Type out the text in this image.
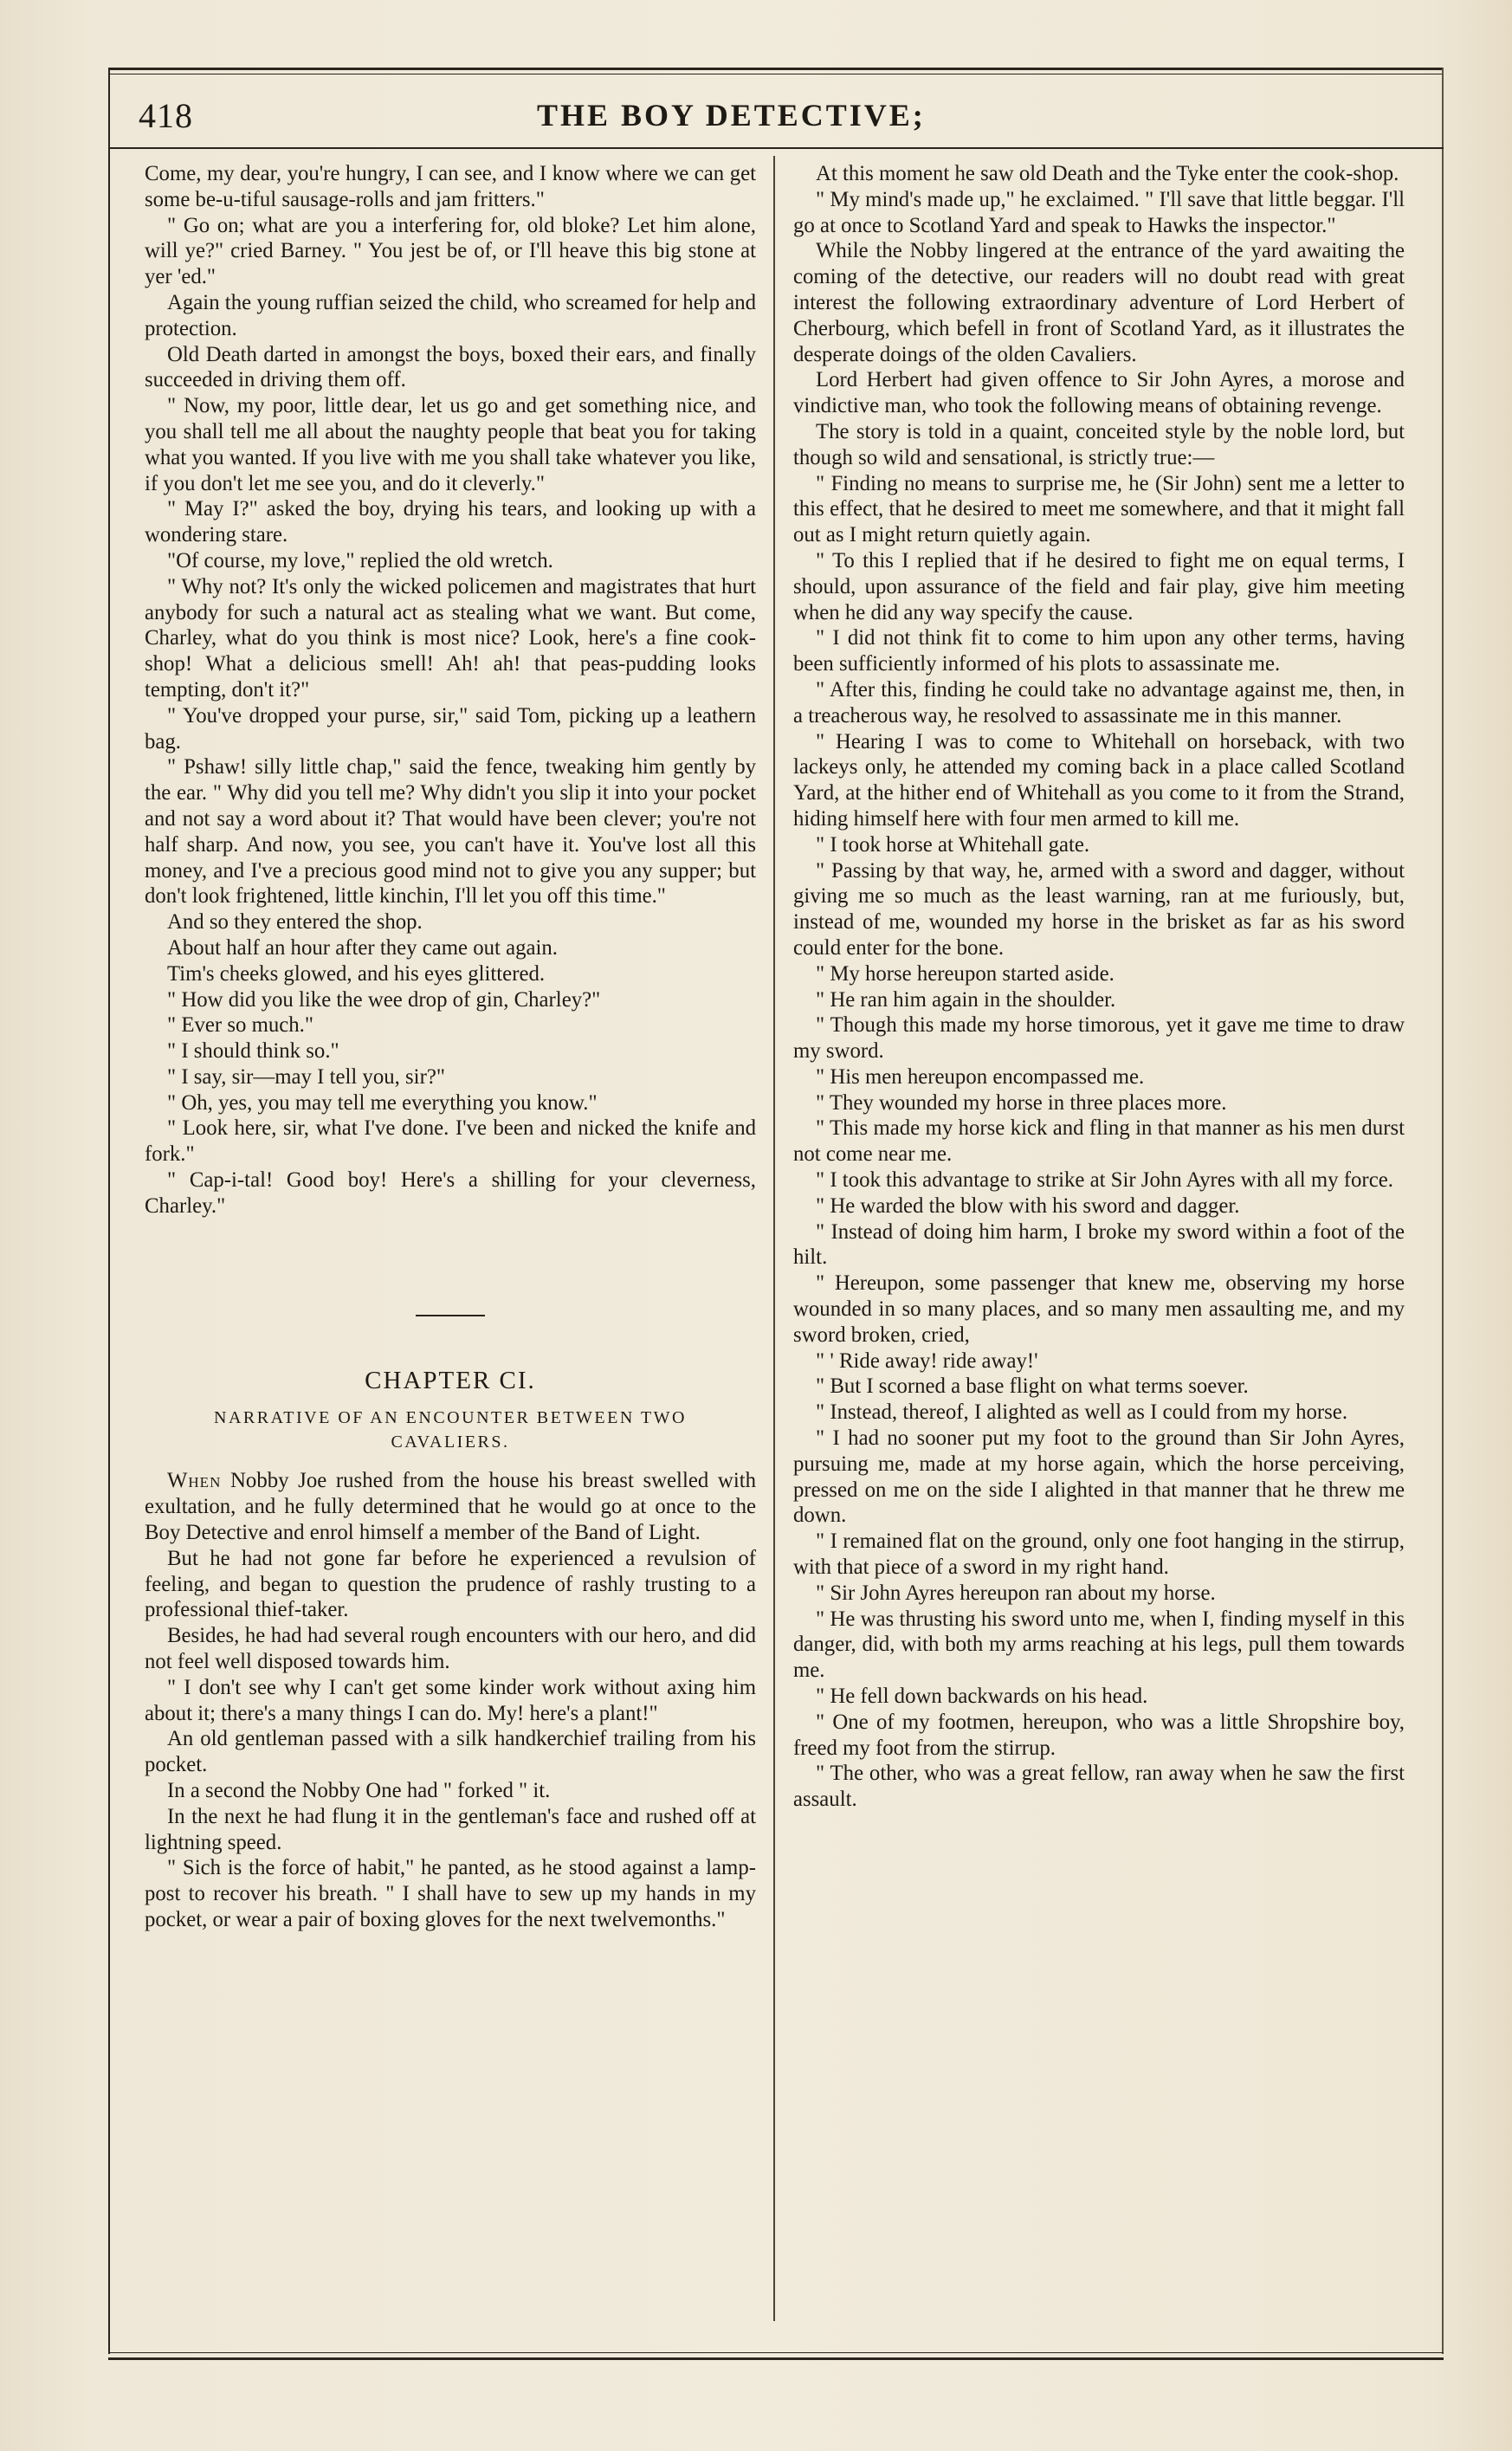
418	THE BOY DETECTIVE;

Come, my dear, you're hungry, I can see, and I know where we can get some be-u-tiful sausage-rolls and jam fritters."

" Go on; what are you a interfering for, old bloke? Let him alone, will ye?" cried Barney. " You jest be of, or I'll heave this big stone at yer 'ed."

Again the young ruffian seized the child, who screamed for help and protection.

Old Death darted in amongst the boys, boxed their ears, and finally succeeded in driving them off.

" Now, my poor, little dear, let us go and get something nice, and you shall tell me all about the naughty people that beat you for taking what you wanted. If you live with me you shall take whatever you like, if you don't let me see you, and do it cleverly."

" May I?" asked the boy, drying his tears, and looking up with a wondering stare.

"Of course, my love," replied the old wretch.

" Why not? It's only the wicked policemen and magistrates that hurt anybody for such a natural act as stealing what we want. But come, Charley, what do you think is most nice? Look, here's a fine cook-shop! What a delicious smell! Ah! ah! that peas-pudding looks tempting, don't it?"

" You've dropped your purse, sir," said Tom, picking up a leathern bag.

" Pshaw! silly little chap," said the fence, tweaking him gently by the ear. " Why did you tell me? Why didn't you slip it into your pocket and not say a word about it? That would have been clever; you're not half sharp. And now, you see, you can't have it. You've lost all this money, and I've a precious good mind not to give you any supper; but don't look frightened, little kinchin, I'll let you off this time."

And so they entered the shop.

About half an hour after they came out again.

Tim's cheeks glowed, and his eyes glittered.

" How did you like the wee drop of gin, Charley?"

" Ever so much."

" I should think so."

" I say, sir—may I tell you, sir?"

" Oh, yes, you may tell me everything you know."

" Look here, sir, what I've done. I've been and nicked the knife and fork."

" Cap-i-tal! Good boy! Here's a shilling for your cleverness, Charley."

CHAPTER CI.
NARRATIVE OF AN ENCOUNTER BETWEEN TWO
CAVALIERS.

When Nobby Joe rushed from the house his breast swelled with exultation, and he fully determined that he would go at once to the Boy Detective and enrol himself a member of the Band of Light.

But he had not gone far before he experienced a revulsion of feeling, and began to question the prudence of rashly trusting to a professional thief-taker.

Besides, he had had several rough encounters with our hero, and did not feel well disposed towards him.

" I don't see why I can't get some kinder work without axing him about it; there's a many things I can do. My! here's a plant!"

An old gentleman passed with a silk handkerchief trailing from his pocket.

In a second the Nobby One had " forked " it.

In the next he had flung it in the gentleman's face and rushed off at lightning speed.

" Sich is the force of habit," he panted, as he stood against a lamp-post to recover his breath. " I shall have to sew up my hands in my pocket, or wear a pair of boxing gloves for the next twelvemonths."

At this moment he saw old Death and the Tyke enter the cook-shop.

" My mind's made up," he exclaimed. " I'll save that little beggar. I'll go at once to Scotland Yard and speak to Hawks the inspector."

While the Nobby lingered at the entrance of the yard awaiting the coming of the detective, our readers will no doubt read with great interest the following extraordinary adventure of Lord Herbert of Cherbourg, which befell in front of Scotland Yard, as it illustrates the desperate doings of the olden Cavaliers.

Lord Herbert had given offence to Sir John Ayres, a morose and vindictive man, who took the following means of obtaining revenge.

The story is told in a quaint, conceited style by the noble lord, but though so wild and sensational, is strictly true:—

" Finding no means to surprise me, he (Sir John) sent me a letter to this effect, that he desired to meet me somewhere, and that it might fall out as I might return quietly again.

" To this I replied that if he desired to fight me on equal terms, I should, upon assurance of the field and fair play, give him meeting when he did any way specify the cause.

" I did not think fit to come to him upon any other terms, having been sufficiently informed of his plots to assassinate me.

" After this, finding he could take no advantage against me, then, in a treacherous way, he resolved to assassinate me in this manner.

" Hearing I was to come to Whitehall on horseback, with two lackeys only, he attended my coming back in a place called Scotland Yard, at the hither end of Whitehall as you come to it from the Strand, hiding himself here with four men armed to kill me.

" I took horse at Whitehall gate.

" Passing by that way, he, armed with a sword and dagger, without giving me so much as the least warning, ran at me furiously, but, instead of me, wounded my horse in the brisket as far as his sword could enter for the bone.

" My horse hereupon started aside.

" He ran him again in the shoulder.

" Though this made my horse timorous, yet it gave me time to draw my sword.

" His men hereupon encompassed me.

" They wounded my horse in three places more.

" This made my horse kick and fling in that manner as his men durst not come near me.

" I took this advantage to strike at Sir John Ayres with all my force.

" He warded the blow with his sword and dagger.

" Instead of doing him harm, I broke my sword within a foot of the hilt.

" Hereupon, some passenger that knew me, observing my horse wounded in so many places, and so many men assaulting me, and my sword broken, cried,

" ' Ride away! ride away!'

" But I scorned a base flight on what terms soever.

" Instead, thereof, I alighted as well as I could from my horse.

" I had no sooner put my foot to the ground than Sir John Ayres, pursuing me, made at my horse again, which the horse perceiving, pressed on me on the side I alighted in that manner that he threw me down.

" I remained flat on the ground, only one foot hanging in the stirrup, with that piece of a sword in my right hand.

" Sir John Ayres hereupon ran about my horse.

" He was thrusting his sword unto me, when I, finding myself in this danger, did, with both my arms reaching at his legs, pull them towards me.

" He fell down backwards on his head.

" One of my footmen, hereupon, who was a little Shropshire boy, freed my foot from the stirrup.

" The other, who was a great fellow, ran away when he saw the first assault.
